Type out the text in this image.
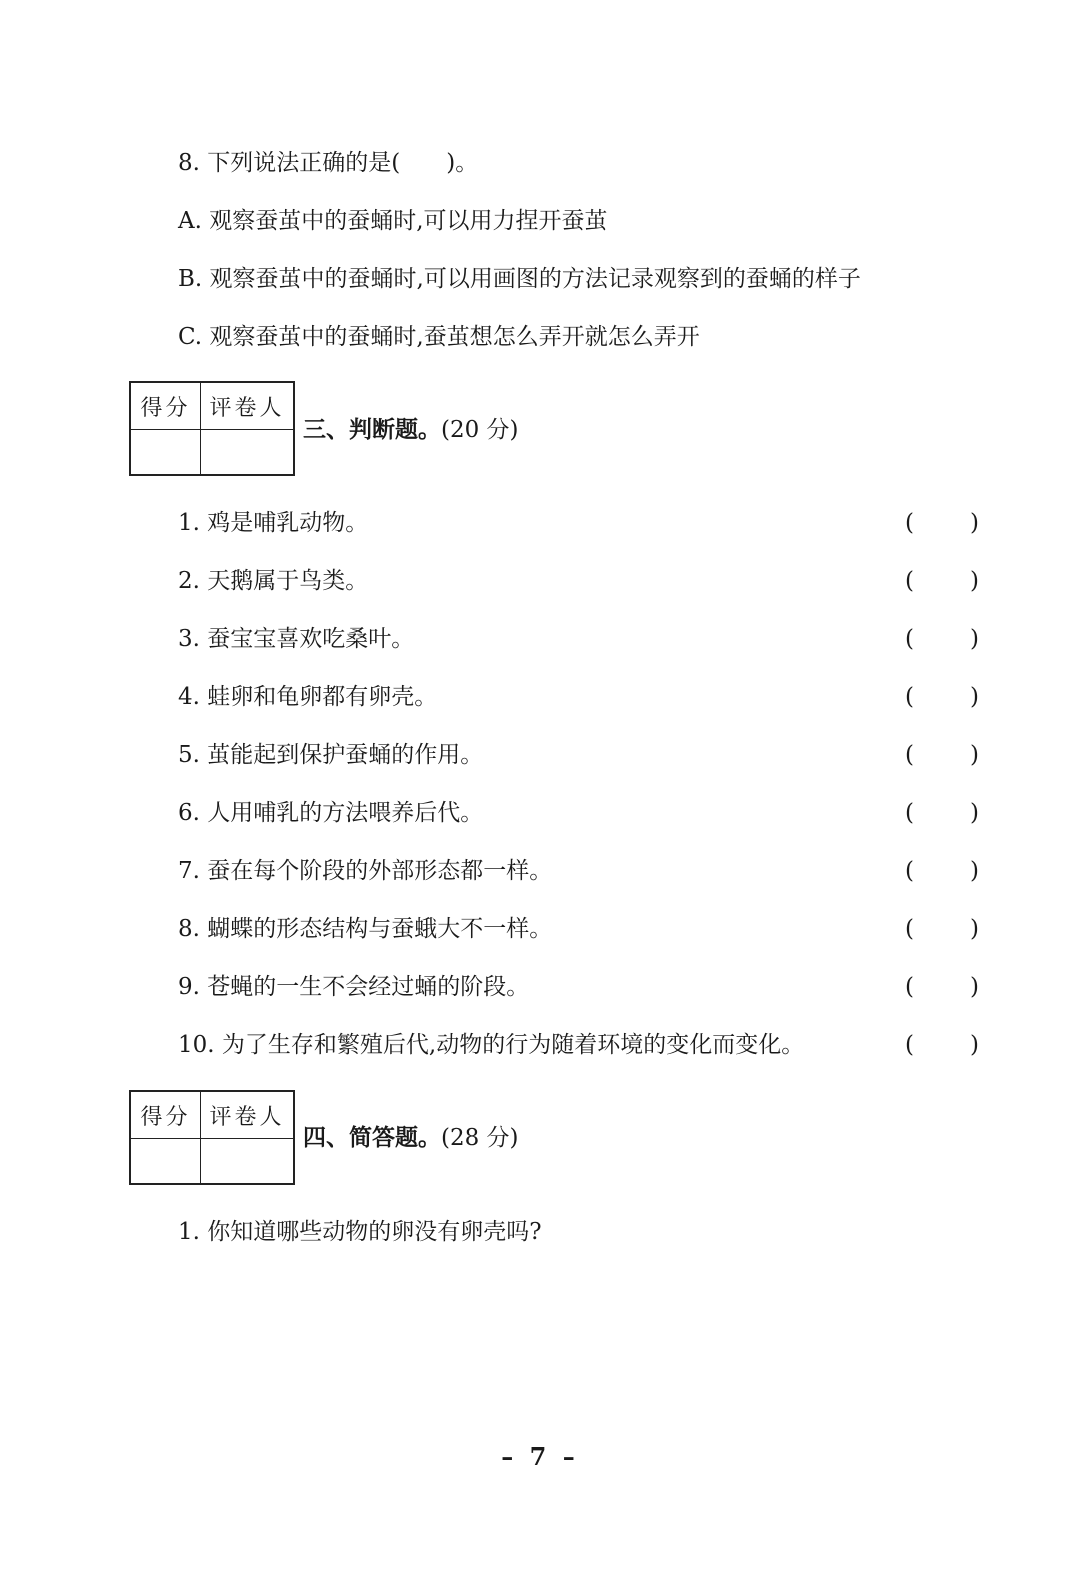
8. 下列说法正确的是(　　)。
A. 观察蚕茧中的蚕蛹时,可以用力捏开蚕茧
B. 观察蚕茧中的蚕蛹时,可以用画图的方法记录观察到的蚕蛹的样子
C. 观察蚕茧中的蚕蛹时,蚕茧想怎么弄开就怎么弄开
得分 评卷人
三、判断题。(20 分)
1. 鸡是哺乳动物。	( )
2. 天鹅属于鸟类。	( )
3. 蚕宝宝喜欢吃桑叶。	( )
4. 蛙卵和龟卵都有卵壳。	( )
5. 茧能起到保护蚕蛹的作用。	( )
6. 人用哺乳的方法喂养后代。	( )
7. 蚕在每个阶段的外部形态都一样。	( )
8. 蝴蝶的形态结构与蚕蛾大不一样。	( )
9. 苍蝇的一生不会经过蛹的阶段。	( )
10. 为了生存和繁殖后代,动物的行为随着环境的变化而变化。	( )
得分 评卷人
四、简答题。(28 分)
1. 你知道哪些动物的卵没有卵壳吗?
– 7 –
